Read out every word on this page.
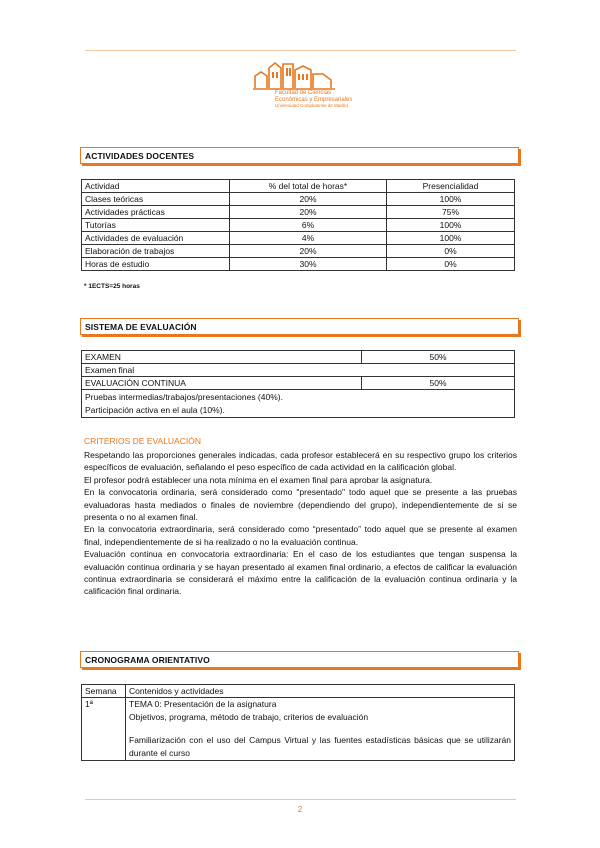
Facultad de Ciencias
Económicas y Empresariales
Universidad Complutense de Madrid
ACTIVIDADES DOCENTES
Actividad	% del total de horas*	Presencialidad
Clases teóricas	20%	100%
Actividades prácticas	20%	75%
Tutorías	6%	100%
Actividades de evaluación	4%	100%
Elaboración de trabajos	20%	0%
Horas de estudio	30%	0%
* 1ECTS=25 horas
SISTEMA DE EVALUACIÓN
EXAMEN	50%
Examen final	
EVALUACIÓN CONTINUA	50%

Pruebas intermedias/trabajos/presentaciones (40%).
Participación activa en el aula (10%).	
CRITERIOS DE EVALUACIÓN

Respetando las proporciones generales indicadas, cada profesor establecerá en su respectivo grupo los criterios específicos de evaluación, señalando el peso específico de cada actividad en la calificación global.

El profesor podrá establecer una nota mínima en el examen final para aprobar la asignatura.

En la convocatoria ordinaria, será considerado como "presentado" todo aquel que se presente a las pruebas evaluadoras hasta mediados o finales de noviembre (dependiendo del grupo), independientemente de si se presenta o no al examen final.

En la convocatoria extraordinaria, será considerado como “presentado” todo aquel que se presente al examen final, independientemente de si ha realizado o no la evaluación continua.

Evaluación continua en convocatoria extraordinaria: En el caso de los estudiantes que tengan suspensa la evaluación continua ordinaria y se hayan presentado al examen final ordinario, a efectos de calificar la evaluación continua extraordinaria se considerará el máximo entre la calificación de la evaluación continua ordinaria y la calificación final ordinaria.

CRONOGRAMA ORIENTATIVO
Semana	Contenidos y actividades
1ª	TEMA 0: Presentación de la asignatura
Objetivos, programa, método de trabajo, criterios de evaluación
Familiarización con el uso del Campus Virtual y las fuentes estadísticas básicas que se utilizarán durante el curso
2
